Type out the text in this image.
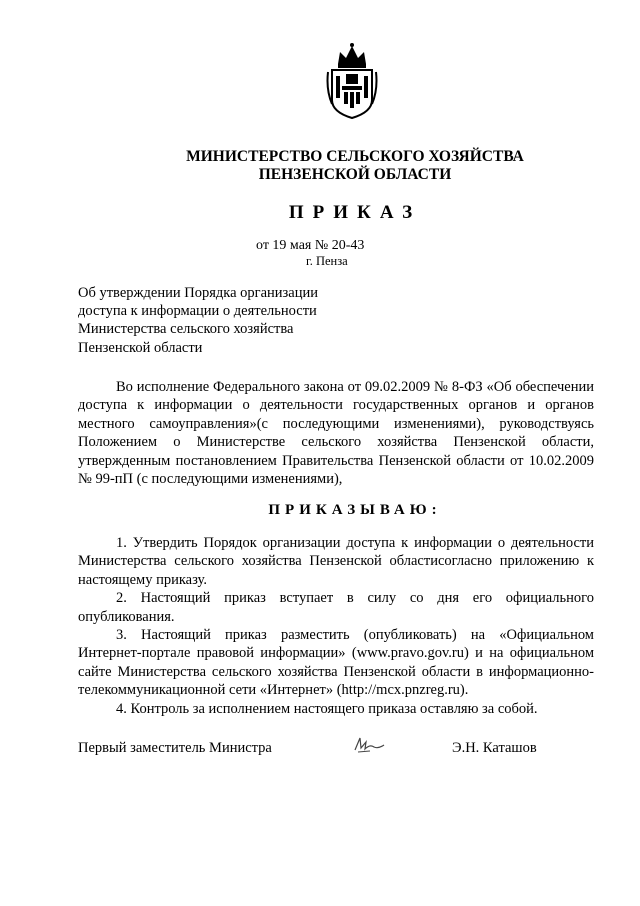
МИНИСТЕРСТВО СЕЛЬСКОГО ХОЗЯЙСТВА
ПЕНЗЕНСКОЙ ОБЛАСТИ
ПРИКАЗ
от 19 мая № 20-43
г. Пенза
Об утверждении Порядка организации
доступа к информации о деятельности
Министерства сельского хозяйства
Пензенской области
Во исполнение Федерального закона от 09.02.2009 № 8-ФЗ «Об обеспечении доступа к информации о деятельности государственных органов и органов местного самоуправления»(с последующими изменениями), руководствуясь Положением о Министерстве сельского хозяйства Пензенской области, утвержденным постановлением Правительства Пензенской области от 10.02.2009 № 99-пП (с последующими изменениями),
ПРИКАЗЫВАЮ:

1. Утвердить Порядок организации доступа к информации о деятельности Министерства сельского хозяйства Пензенской областисогласно приложению к настоящему приказу.

2. Настоящий приказ вступает в силу со дня его официального опубликования.

3. Настоящий приказ разместить (опубликовать) на «Официальном Интернет-портале правовой информации» (www.pravo.gov.ru) и на официальном сайте Министерства сельского хозяйства Пензенской области в информационно-телекоммуникационной сети «Интернет» (http://mcx.pnzreg.ru).

4. Контроль за исполнением настоящего приказа оставляю за собой.

Первый заместитель Министра	Э.Н. Каташов
